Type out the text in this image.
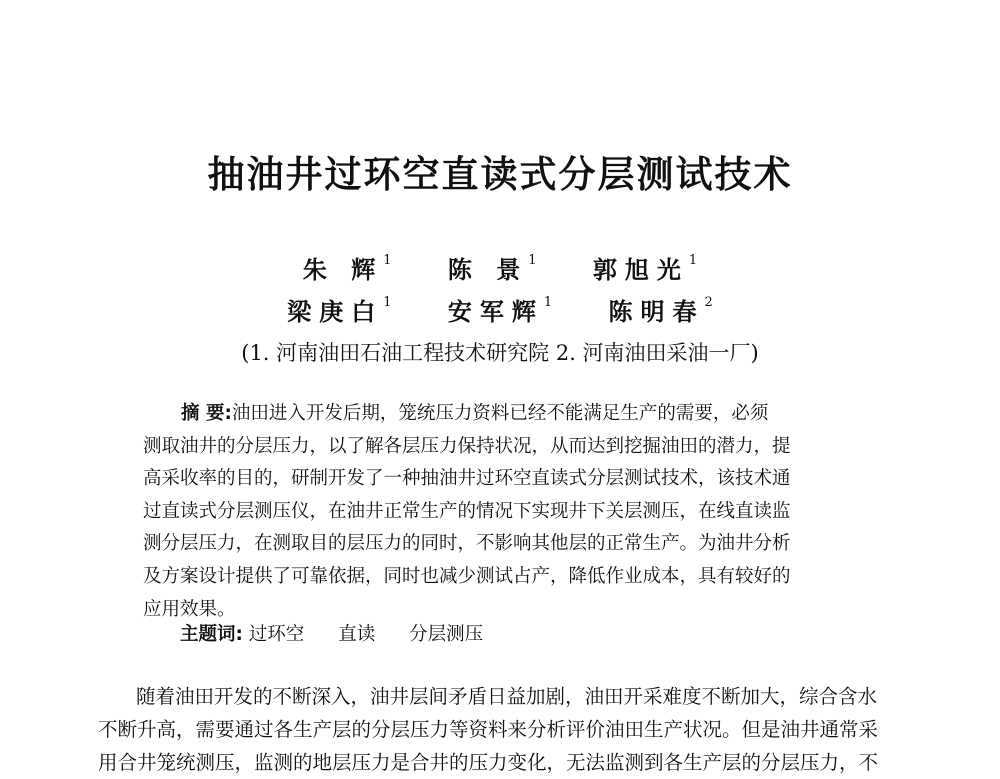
抽油井过环空直读式分层测试技术
朱 辉$^1$ 陈 景$^1$ 郭旭光$^1$
梁庚白$^1$ 安军辉$^1$ 陈明春$^2$
(1. 河南油田石油工程技术研究院 2. 河南油田采油一厂)
摘 要:油田进入开发后期，笼统压力资料已经不能满足生产的需要，必须
测取油井的分层压力，以了解各层压力保持状况，从而达到挖掘油田的潜力，提
高采收率的目的，研制开发了一种抽油井过环空直读式分层测试技术，该技术通
过直读式分层测压仪，在油井正常生产的情况下实现井下关层测压，在线直读监
测分层压力，在测取目的层压力的同时，不影响其他层的正常生产。为油井分析
及方案设计提供了可靠依据，同时也减少测试占产，降低作业成本，具有较好的
应用效果。
主题词: 过环空 直读 分层测压
随着油田开发的不断深入，油井层间矛盾日益加剧，油田开采难度不断加大，综合含水
不断升高，需要通过各生产层的分层压力等资料来分析评价油田生产状况。但是油井通常采
用合井笼统测压，监测的地层压力是合井的压力变化，无法监测到各生产层的分层压力，不
